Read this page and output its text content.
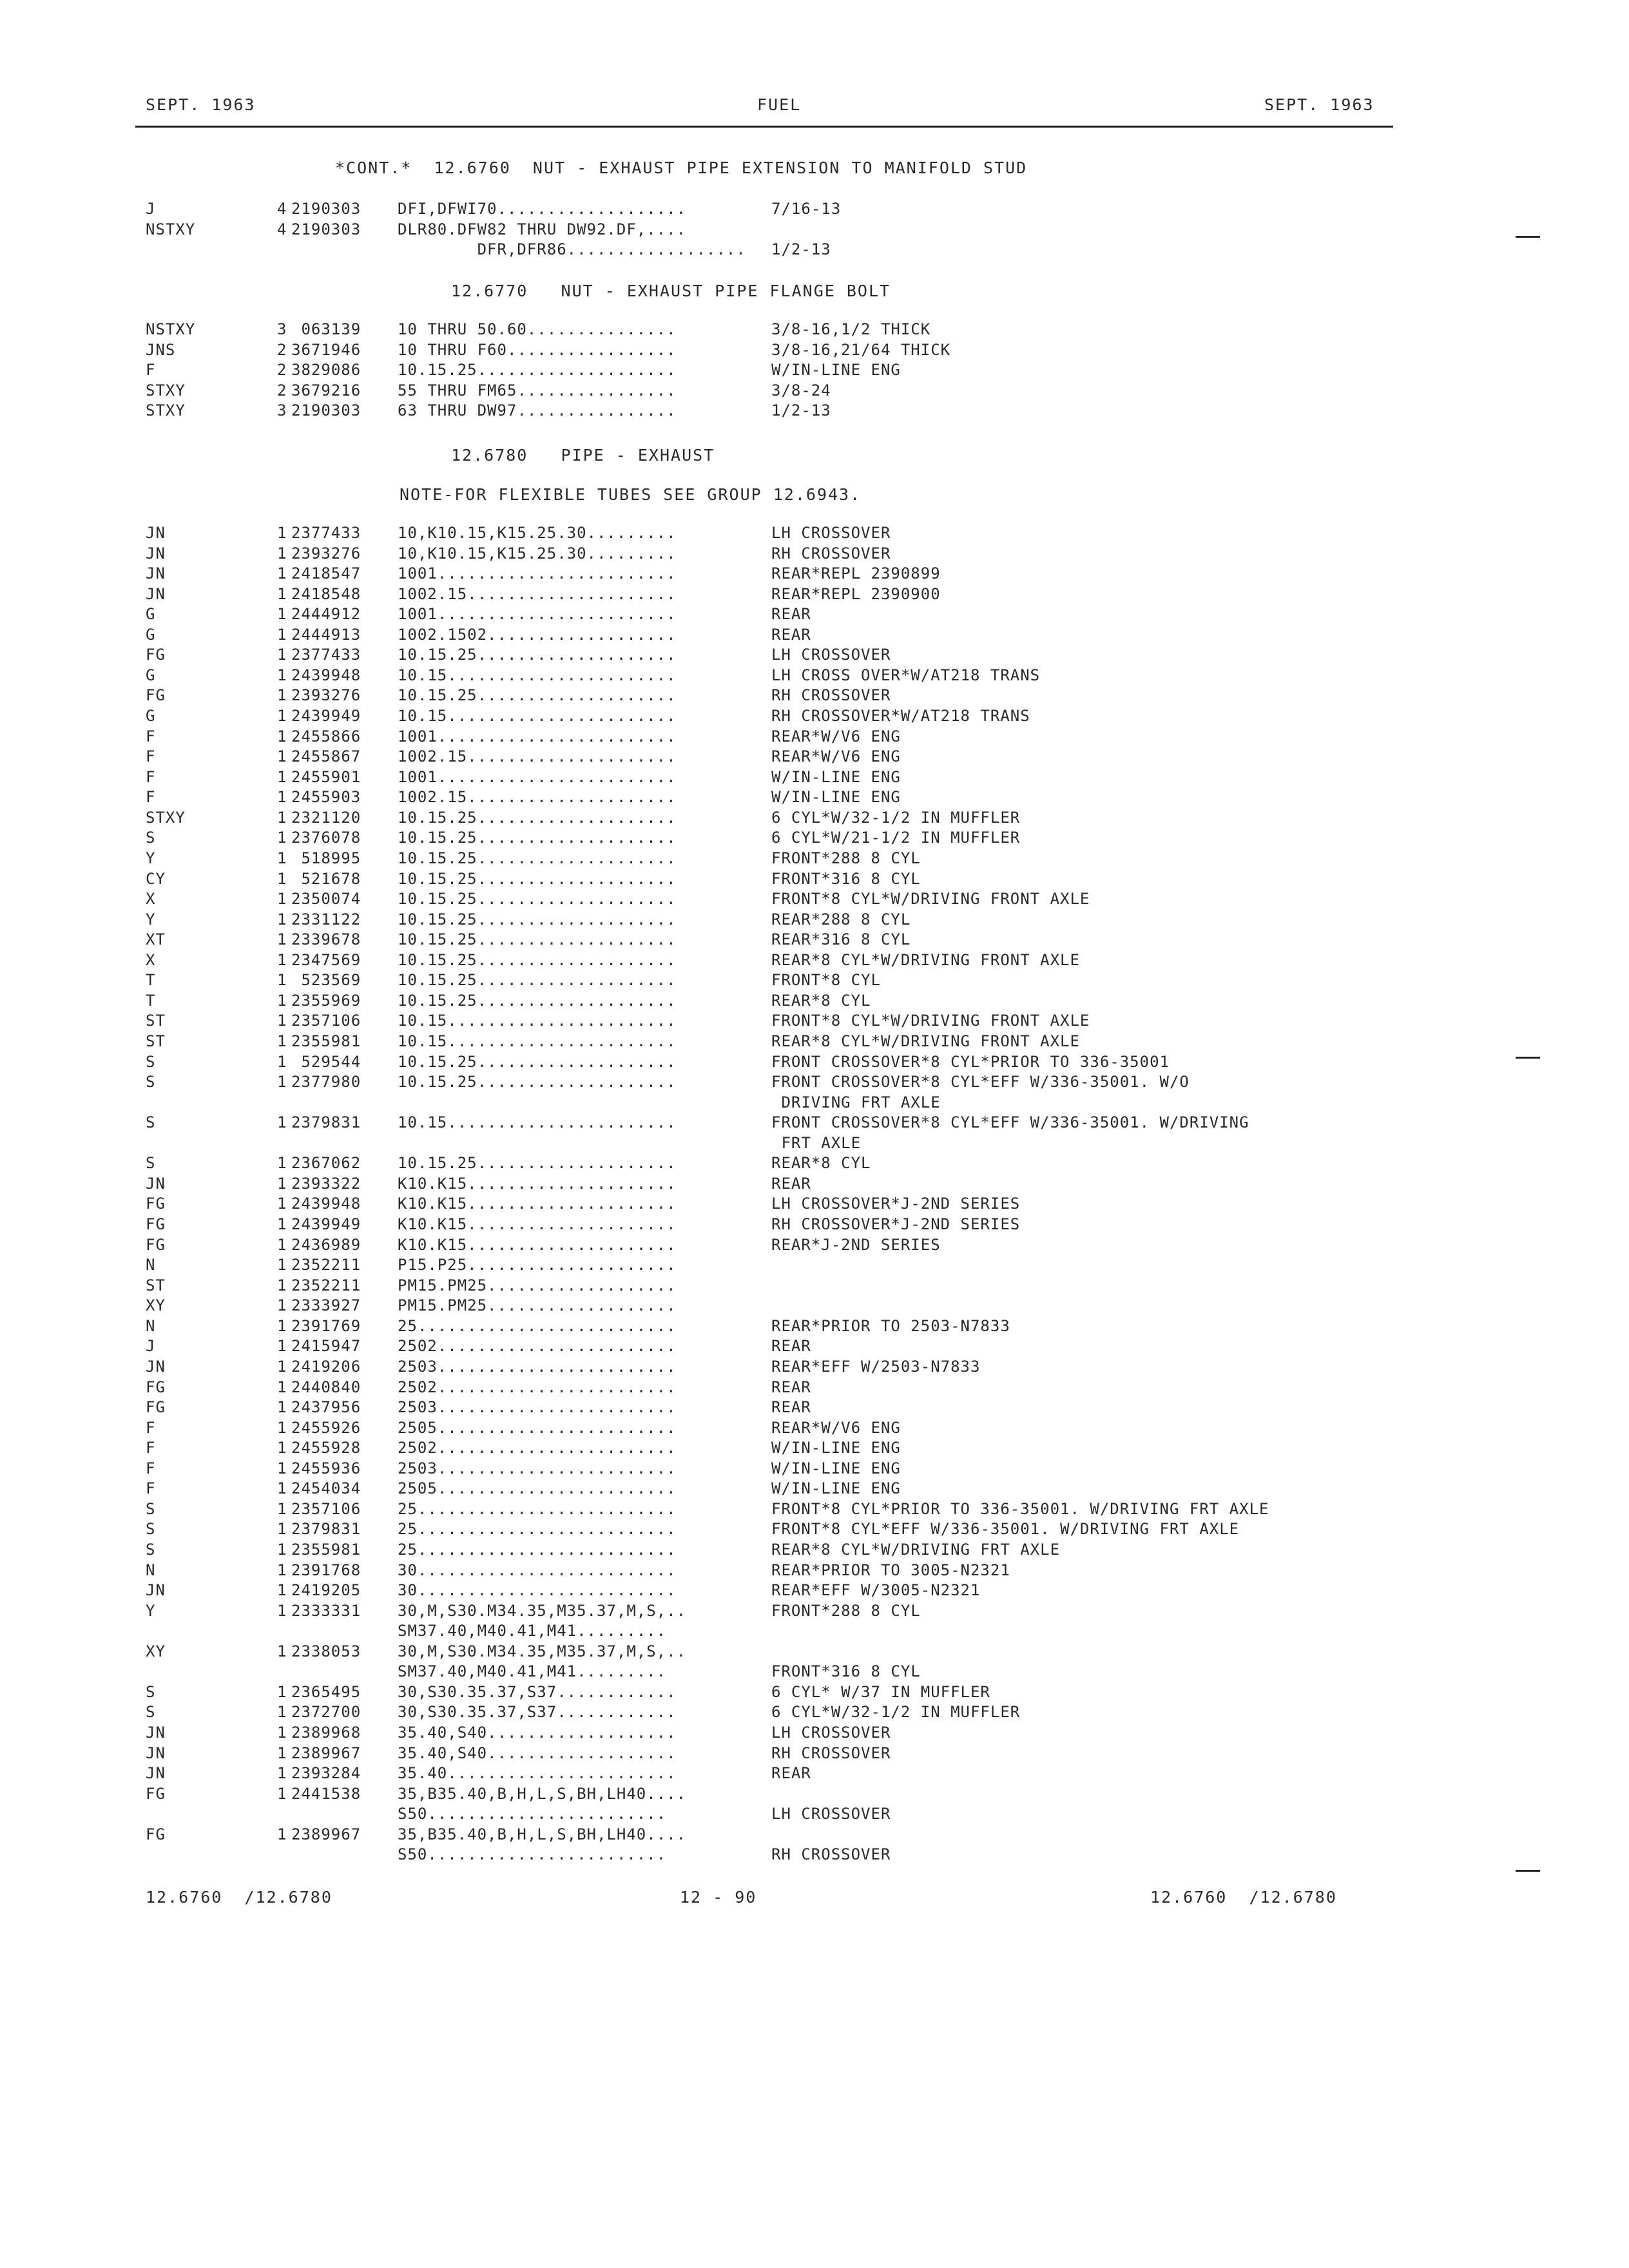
SEPT. 1963	FUEL	SEPT. 1963
*CONT.*  12.6760  NUT - EXHAUST PIPE EXTENSION TO MANIFOLD STUD
J	4 2190303 DFI,DFWI70...................	7/16-13
NSTXY	4 2190303 DLR80.DFW82 THRU DW92.DF,....
DFR,DFR86.................. 1/2-13
12.6770   NUT - EXHAUST PIPE FLANGE BOLT
NSTXY	3 063139 10 THRU 50.60...............	3/8-16,1/2 THICK
JNS	2 3671946 10 THRU F60.................	3/8-16,21/64 THICK
F	2 3829086 10.15.25....................	W/IN-LINE ENG
STXY	2 3679216 55 THRU FM65................	3/8-24
STXY	3 2190303 63 THRU DW97................	1/2-13
12.6780   PIPE - EXHAUST
NOTE-FOR FLEXIBLE TUBES SEE GROUP 12.6943.
JN	1 2377433 10,K10.15,K15.25.30.........	LH CROSSOVER
JN	1 2393276 10,K10.15,K15.25.30.........	RH CROSSOVER
JN	1 2418547 1001........................	REAR*REPL 2390899
JN	1 2418548 1002.15.....................	REAR*REPL 2390900
G	1 2444912 1001........................	REAR
G	1 2444913 1002.1502...................	REAR
FG	1 2377433 10.15.25....................	LH CROSSOVER
G	1 2439948 10.15.......................	LH CROSS OVER*W/AT218 TRANS
FG	1 2393276 10.15.25....................	RH CROSSOVER
G	1 2439949 10.15.......................	RH CROSSOVER*W/AT218 TRANS
F	1 2455866 1001........................	REAR*W/V6 ENG
F	1 2455867 1002.15.....................	REAR*W/V6 ENG
F	1 2455901 1001........................	W/IN-LINE ENG
F	1 2455903 1002.15.....................	W/IN-LINE ENG
STXY	1 2321120 10.15.25....................	6 CYL*W/32-1/2 IN MUFFLER
S	1 2376078 10.15.25....................	6 CYL*W/21-1/2 IN MUFFLER
Y	1 518995 10.15.25....................	FRONT*288 8 CYL
CY	1 521678 10.15.25....................	FRONT*316 8 CYL
X	1 2350074 10.15.25....................	FRONT*8 CYL*W/DRIVING FRONT AXLE
Y	1 2331122 10.15.25....................	REAR*288 8 CYL
XT	1 2339678 10.15.25....................	REAR*316 8 CYL
X	1 2347569 10.15.25....................	REAR*8 CYL*W/DRIVING FRONT AXLE
T	1 523569 10.15.25....................	FRONT*8 CYL
T	1 2355969 10.15.25....................	REAR*8 CYL
ST	1 2357106 10.15.......................	FRONT*8 CYL*W/DRIVING FRONT AXLE
ST	1 2355981 10.15.......................	REAR*8 CYL*W/DRIVING FRONT AXLE
S	1 529544 10.15.25....................	FRONT CROSSOVER*8 CYL*PRIOR TO 336-35001
S	1 2377980 10.15.25....................	FRONT CROSSOVER*8 CYL*EFF W/336-35001. W/O
DRIVING FRT AXLE
S	1 2379831 10.15.......................	FRONT CROSSOVER*8 CYL*EFF W/336-35001. W/DRIVING
FRT AXLE
S	1 2367062 10.15.25....................	REAR*8 CYL
JN	1 2393322 K10.K15.....................	REAR
FG	1 2439948 K10.K15.....................	LH CROSSOVER*J-2ND SERIES
FG	1 2439949 K10.K15.....................	RH CROSSOVER*J-2ND SERIES
FG	1 2436989 K10.K15.....................	REAR*J-2ND SERIES
N	1 2352211 P15.P25.....................
ST	1 2352211 PM15.PM25...................
XY	1 2333927 PM15.PM25...................
N	1 2391769 25..........................	REAR*PRIOR TO 2503-N7833
J	1 2415947 2502........................	REAR
JN	1 2419206 2503........................	REAR*EFF W/2503-N7833
FG	1 2440840 2502........................	REAR
FG	1 2437956 2503........................	REAR
F	1 2455926 2505........................	REAR*W/V6 ENG
F	1 2455928 2502........................	W/IN-LINE ENG
F	1 2455936 2503........................	W/IN-LINE ENG
F	1 2454034 2505........................	W/IN-LINE ENG
S	1 2357106 25..........................	FRONT*8 CYL*PRIOR TO 336-35001. W/DRIVING FRT AXLE
S	1 2379831 25..........................	FRONT*8 CYL*EFF W/336-35001. W/DRIVING FRT AXLE
S	1 2355981 25..........................	REAR*8 CYL*W/DRIVING FRT AXLE
N	1 2391768 30..........................	REAR*PRIOR TO 3005-N2321
JN	1 2419205 30..........................	REAR*EFF W/3005-N2321
Y	1 2333331 30,M,S30.M34.35,M35.37,M,S,..	FRONT*288 8 CYL
SM37.40,M40.41,M41.........
XY	1 2338053 30,M,S30.M34.35,M35.37,M,S,..
SM37.40,M40.41,M41.........	FRONT*316 8 CYL
S	1 2365495 30,S30.35.37,S37............	6 CYL* W/37 IN MUFFLER
S	1 2372700 30,S30.35.37,S37............	6 CYL*W/32-1/2 IN MUFFLER
JN	1 2389968 35.40,S40...................	LH CROSSOVER
JN	1 2389967 35.40,S40...................	RH CROSSOVER
JN	1 2393284 35.40.......................	REAR
FG	1 2441538 35,B35.40,B,H,L,S,BH,LH40....
S50........................	LH CROSSOVER
FG	1 2389967 35,B35.40,B,H,L,S,BH,LH40....
S50........................	RH CROSSOVER
12.6760  /12.6780	12 - 90	12.6760  /12.6780
